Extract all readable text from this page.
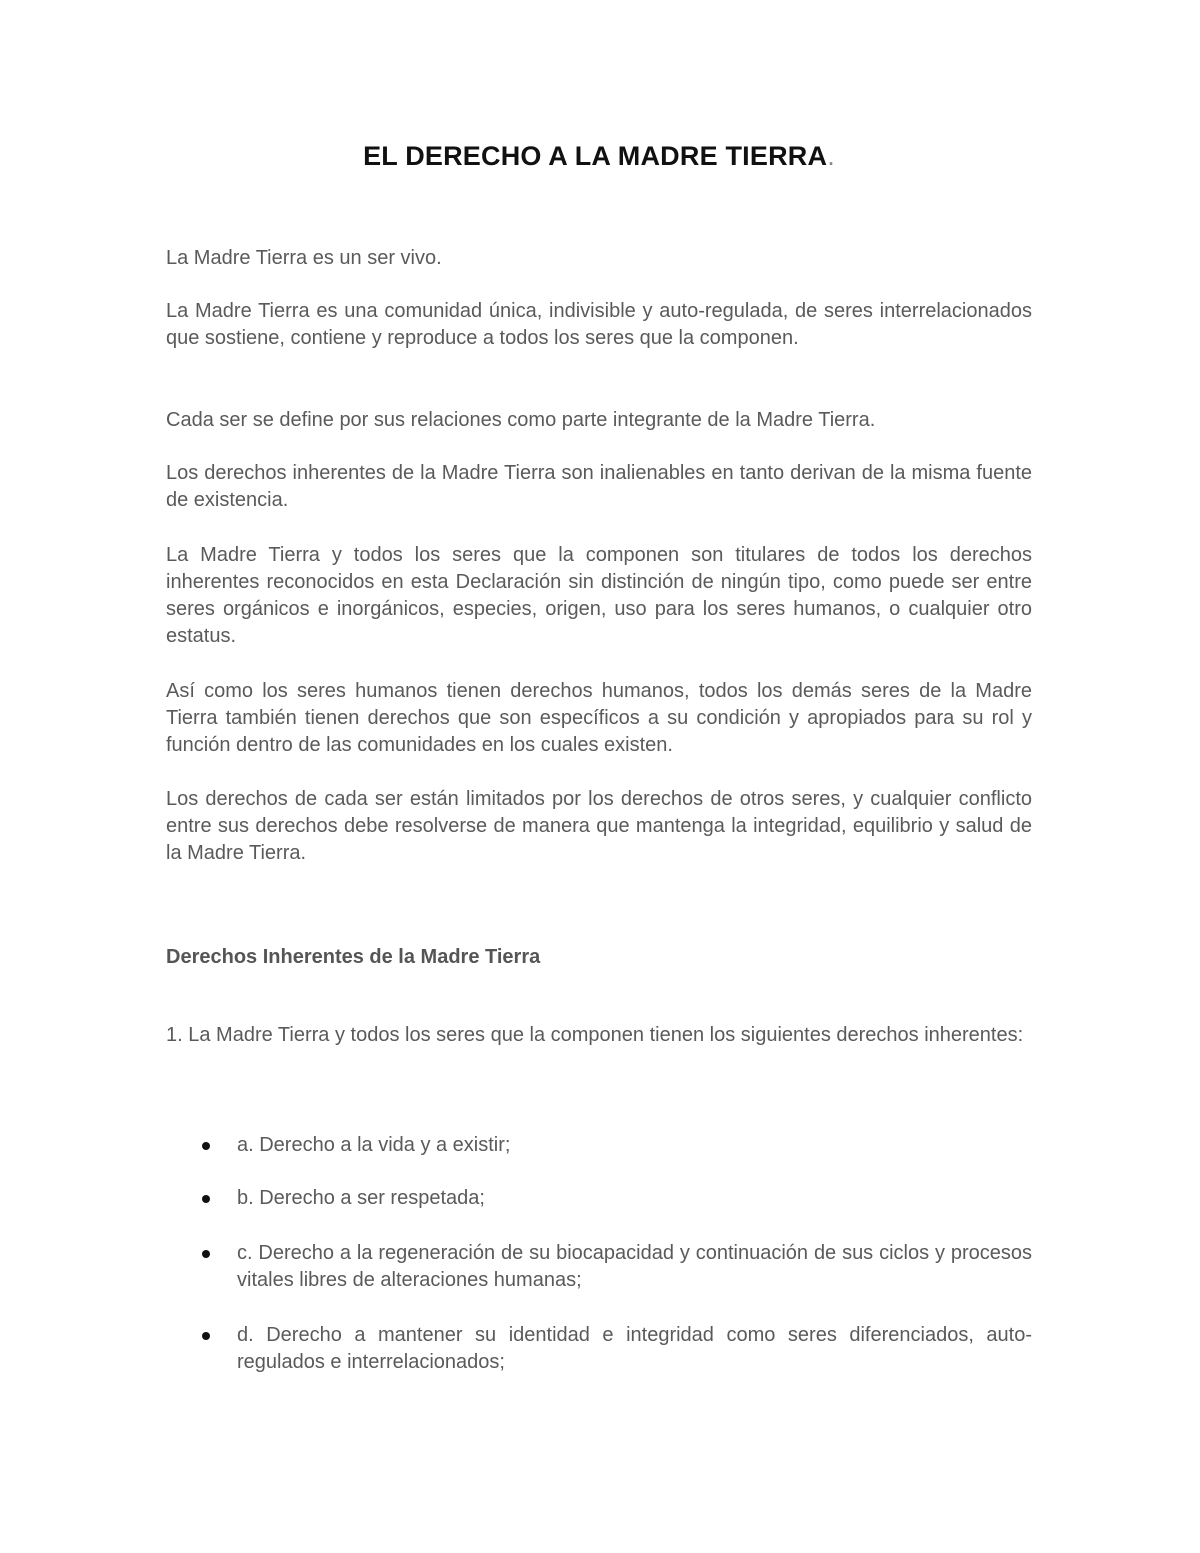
EL DERECHO A LA MADRE TIERRA.

La Madre Tierra es un ser vivo.

La Madre Tierra es una comunidad única, indivisible y auto-regulada, de seres interrelacionados que sostiene, contiene y reproduce a todos los seres que la componen.

Cada ser se define por sus relaciones como parte integrante de la Madre Tierra.

Los derechos inherentes de la Madre Tierra son inalienables en tanto derivan de la misma fuente de existencia.

La Madre Tierra y todos los seres que la componen son titulares de todos los derechos inherentes reconocidos en esta Declaración sin distinción de ningún tipo, como puede ser entre seres orgánicos e inorgánicos, especies, origen, uso para los seres humanos, o cualquier otro estatus.

Así como los seres humanos tienen derechos humanos, todos los demás seres de la Madre Tierra también tienen derechos que son específicos a su condición y apropiados para su rol y función dentro de las comunidades en los cuales existen.

Los derechos de cada ser están limitados por los derechos de otros seres, y cualquier conflicto entre sus derechos debe resolverse de manera que mantenga la integridad, equilibrio y salud de la Madre Tierra.

Derechos Inherentes de la Madre Tierra

1. La Madre Tierra y todos los seres que la componen tienen los siguientes derechos inherentes:

a. Derecho a la vida y a existir;

b. Derecho a ser respetada;

c. Derecho a la regeneración de su biocapacidad y continuación de sus ciclos y procesos vitales libres de alteraciones humanas;

d. Derecho a mantener su identidad e integridad como seres diferenciados, auto-regulados e interrelacionados;
